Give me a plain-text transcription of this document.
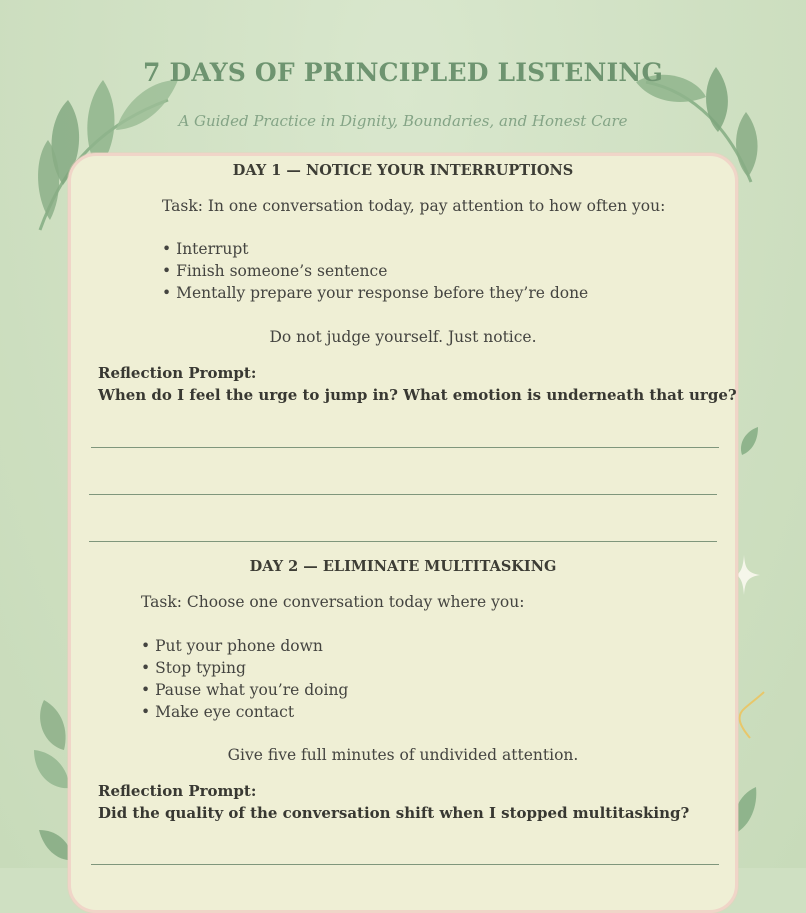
7 DAYS OF PRINCIPLED LISTENING
A Guided Practice in Dignity, Boundaries, and Honest Care
DAY 1 — NOTICE YOUR INTERRUPTIONS
Task: In one conversation today, pay attention to how often you:
• Interrupt
• Finish someone’s sentence
• Mentally prepare your response before they’re done
Do not judge yourself. Just notice.
Reflection Prompt:
When do I feel the urge to jump in? What emotion is underneath that urge?
DAY 2 — ELIMINATE MULTITASKING
Task: Choose one conversation today where you:
• Put your phone down
• Stop typing
• Pause what you’re doing
• Make eye contact
Give five full minutes of undivided attention.
Reflection Prompt:
Did the quality of the conversation shift when I stopped multitasking?
